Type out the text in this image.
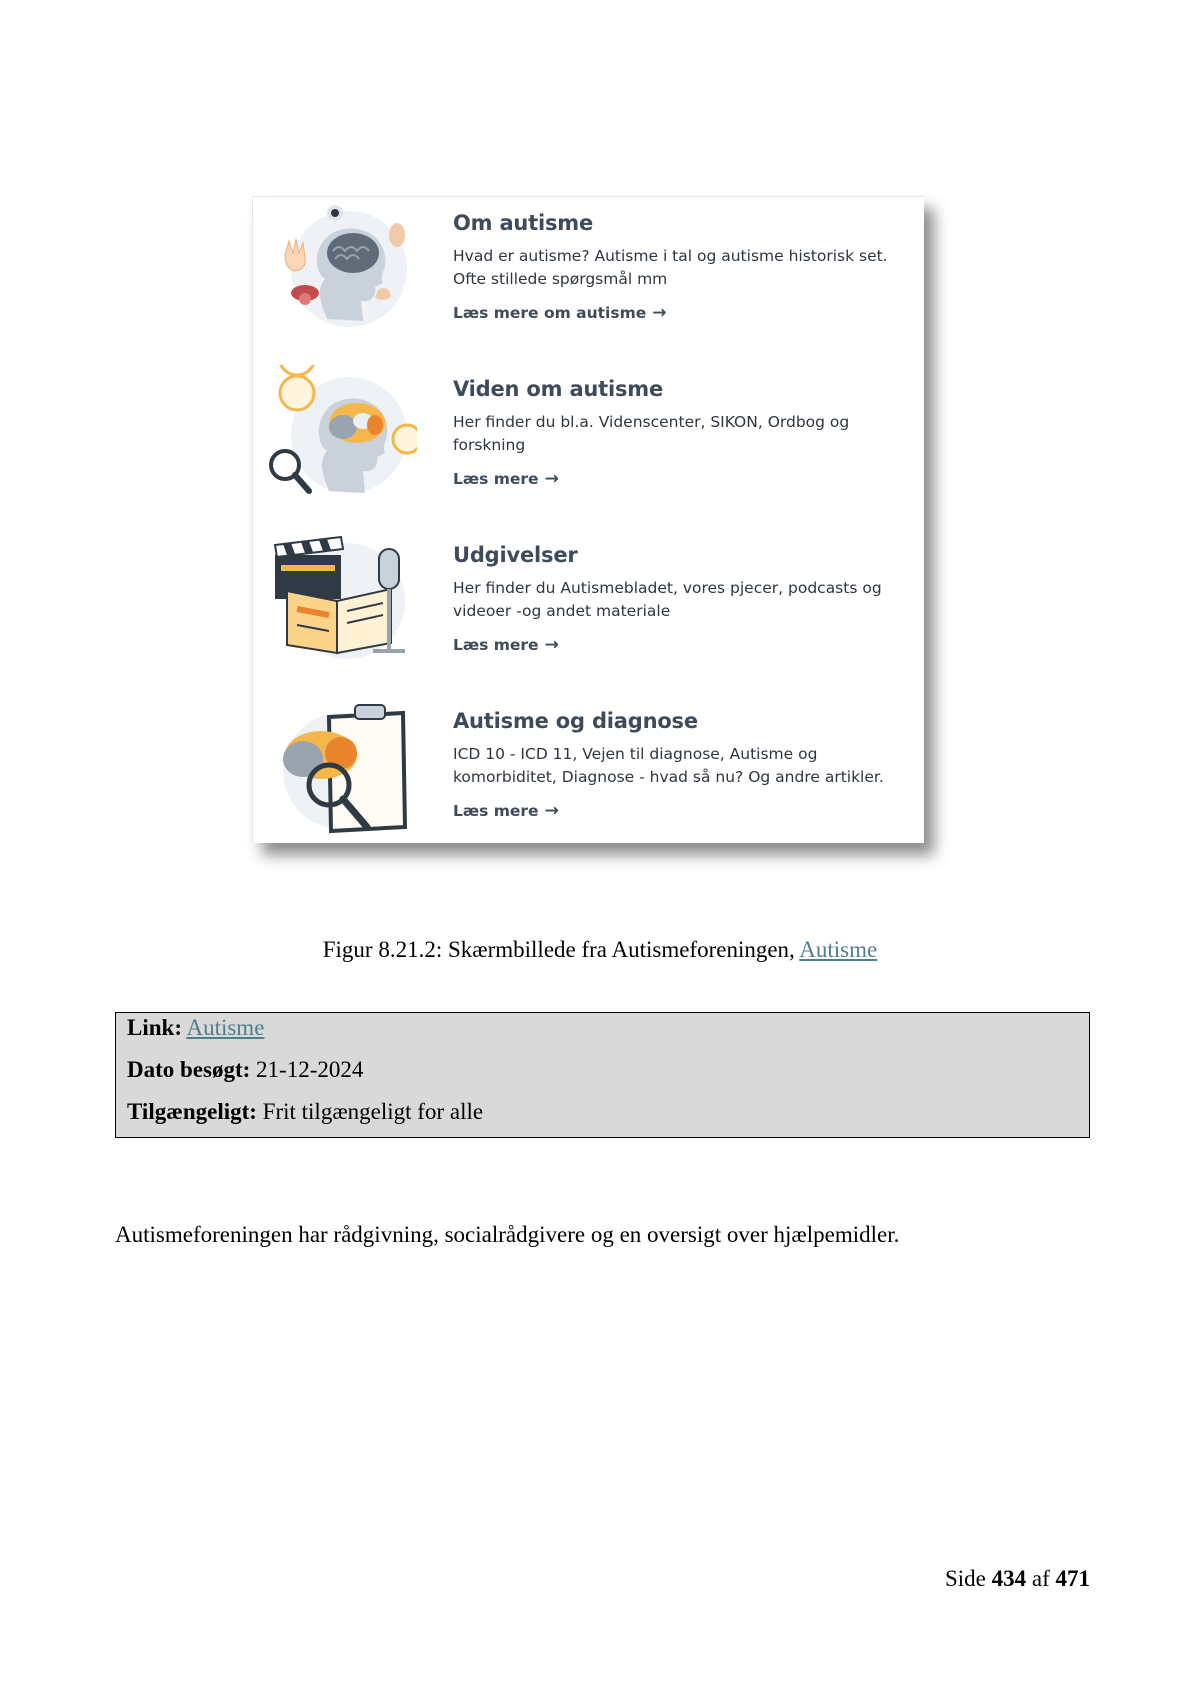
Om autisme

Hvad er autisme? Autisme i tal og autisme historisk set. Ofte stillede spørgsmål mm

Læs mere om autisme →
Viden om autisme

Her finder du bl.a. Videnscenter, SIKON, Ordbog og forskning

Læs mere →
Udgivelser

Her finder du Autismebladet, vores pjecer, podcasts og videoer -og andet materiale

Læs mere →
Autisme og diagnose

ICD 10 - ICD 11, Vejen til diagnose, Autisme og komorbiditet, Diagnose - hvad så nu? Og andre artikler.

Læs mere →
Figur 8.21.2: Skærmbillede fra Autismeforeningen, Autisme
Link: Autisme
Dato besøgt: 21-12-2024
Tilgængeligt: Frit tilgængeligt for alle
Autismeforeningen har rådgivning, socialrådgivere og en oversigt over hjælpemidler.
Side 434 af 471
